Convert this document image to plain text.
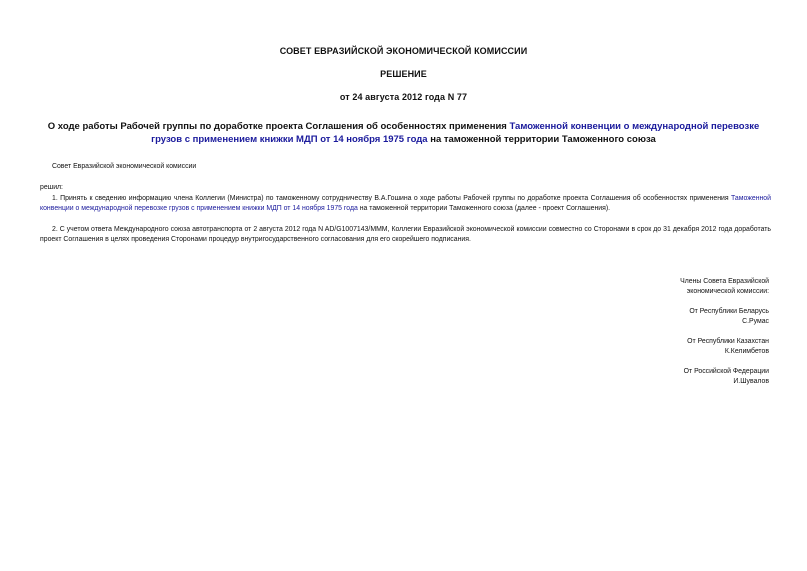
СОВЕТ ЕВРАЗИЙСКОЙ ЭКОНОМИЧЕСКОЙ КОМИССИИ
РЕШЕНИЕ
от 24 августа 2012 года N 77
О ходе работы Рабочей группы по доработке проекта Соглашения об особенностях применения Таможенной конвенции о международной перевозке грузов с применением книжки МДП от 14 ноября 1975 года на таможенной территории Таможенного союза
Совет Евразийской экономической комиссии
решил:
1. Принять к сведению информацию члена Коллегии (Министра) по таможенному сотрудничеству В.А.Гошина о ходе работы Рабочей группы по доработке проекта Соглашения об особенностях применения Таможенной конвенции о международной перевозке грузов с применением книжки МДП от 14 ноября 1975 года на таможенной территории Таможенного союза (далее - проект Соглашения).
2. С учетом ответа Международного союза автотранспорта от 2 августа 2012 года N AD/G1007143/MMM, Коллегии Евразийской экономической комиссии совместно со Сторонами в срок до 31 декабря 2012 года доработать проект Соглашения в целях проведения Сторонами процедур внутригосударственного согласования для его скорейшего подписания.
Члены Совета Евразийской
экономической комиссии:
От Республики Беларусь
С.Румас
От Республики Казахстан
К.Келимбетов
От Российской Федерации
И.Шувалов
